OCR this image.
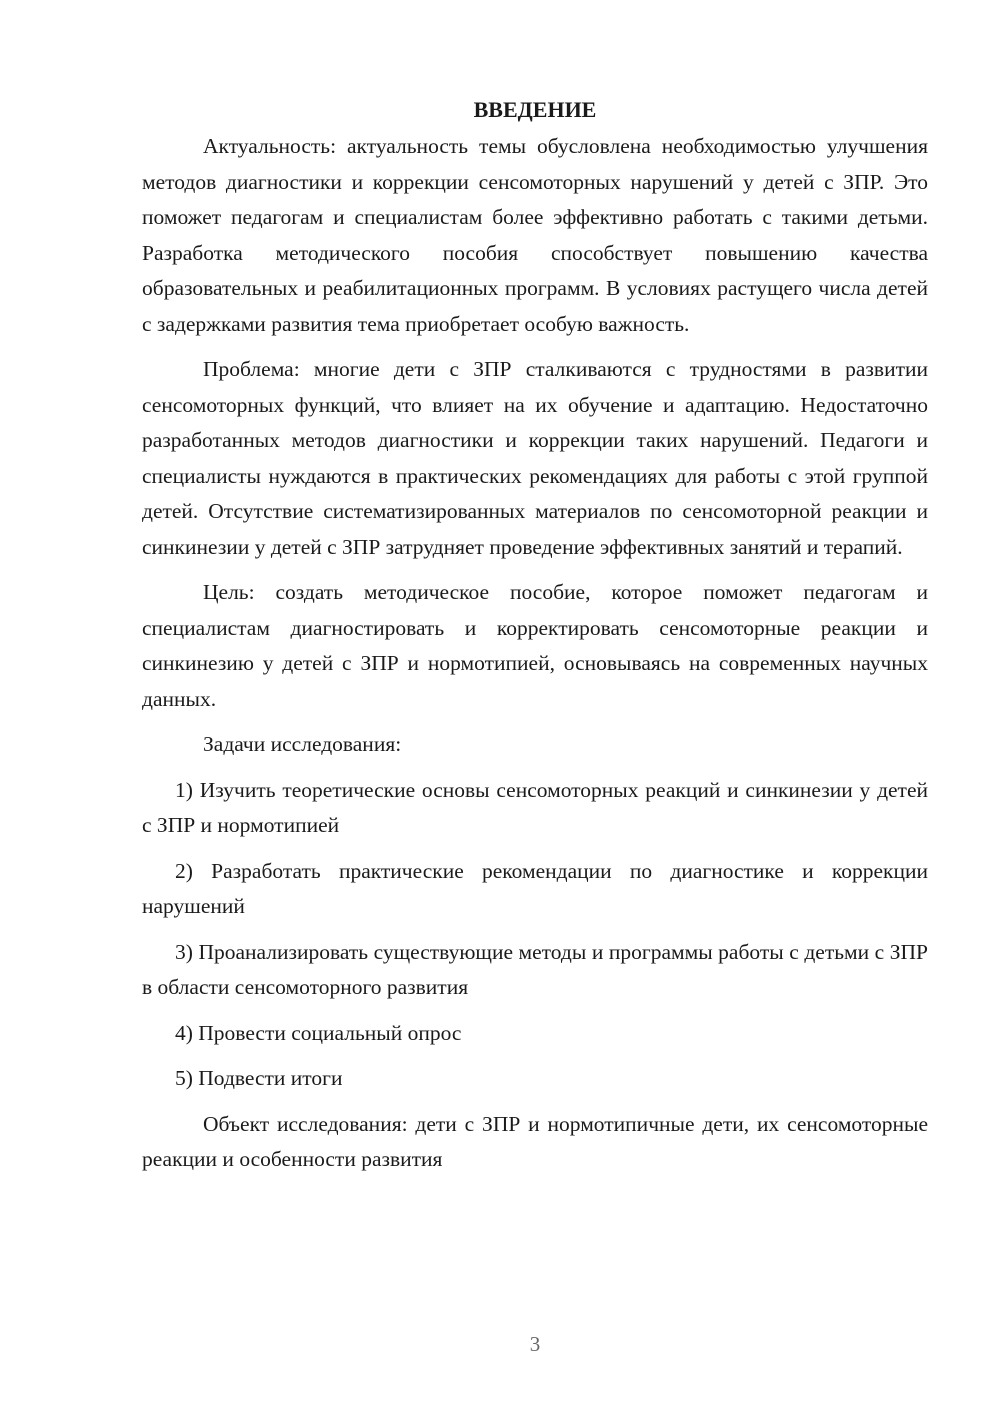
ВВЕДЕНИЕ

Актуальность: актуальность темы обусловлена необходимостью улучшения методов диагностики и коррекции сенсомоторных нарушений у детей с ЗПР. Это поможет педагогам и специалистам более эффективно работать с такими детьми. Разработка методического пособия способствует повышению качества образовательных и реабилитационных программ. В условиях растущего числа детей с задержками развития тема приобретает особую важность.

Проблема: многие дети с ЗПР сталкиваются с трудностями в развитии сенсомоторных функций, что влияет на их обучение и адаптацию. Недостаточно разработанных методов диагностики и коррекции таких нарушений. Педагоги и специалисты нуждаются в практических рекомендациях для работы с этой группой детей. Отсутствие систематизированных материалов по сенсомоторной реакции и синкинезии у детей с ЗПР затрудняет проведение эффективных занятий и терапий.

Цель: создать методическое пособие, которое поможет педагогам и специалистам диагностировать и корректировать сенсомоторные реакции и синкинезию у детей с ЗПР и нормотипией, основываясь на современных научных данных.

Задачи исследования:

1) Изучить теоретические основы сенсомоторных реакций и синкинезии у детей с ЗПР и нормотипией

2) Разработать практические рекомендации по диагностике и коррекции нарушений

3) Проанализировать существующие методы и программы работы с детьми с ЗПР в области сенсомоторного развития

4) Провести социальный опрос

5) Подвести итоги

Объект исследования: дети с ЗПР и нормотипичные дети, их сенсомоторные реакции и особенности развития

3
